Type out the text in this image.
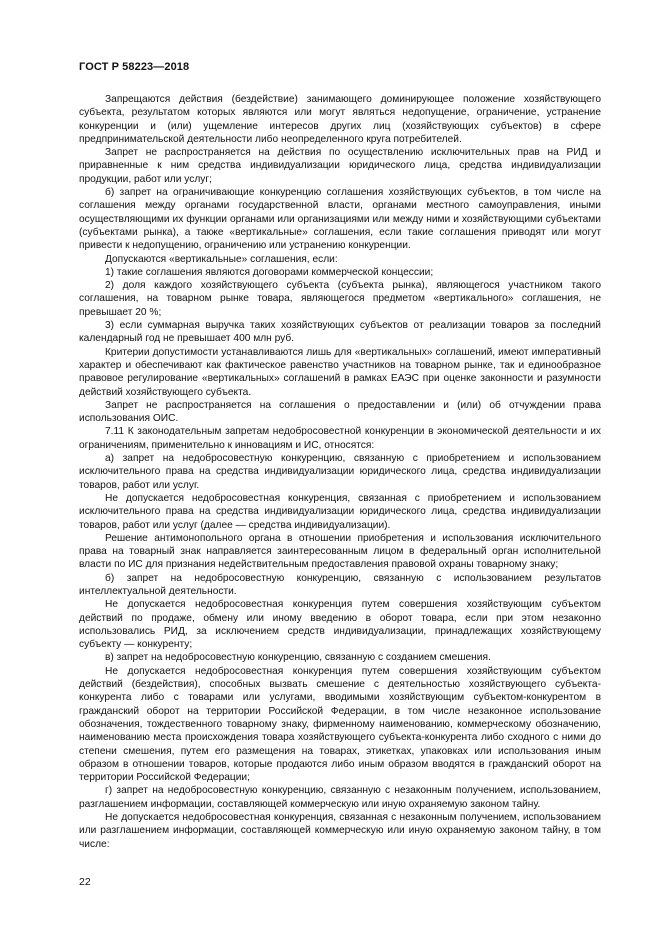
ГОСТ Р 58223—2018

Запрещаются действия (бездействие) занимающего доминирующее положение хозяйствующего субъекта, результатом которых являются или могут являться недопущение, ограничение, устранение конкуренции и (или) ущемление интересов других лиц (хозяйствующих субъектов) в сфере предпринимательской деятельности либо неопределенного круга потребителей.

Запрет не распространяется на действия по осуществлению исключительных прав на РИД и приравненные к ним средства индивидуализации юридического лица, средства индивидуализации продукции, работ или услуг;

б) запрет на ограничивающие конкуренцию соглашения хозяйствующих субъектов, в том числе на соглашения между органами государственной власти, органами местного самоуправления, иными осуществляющими их функции органами или организациями или между ними и хозяйствующими субъектами (субъектами рынка), а также «вертикальные» соглашения, если такие соглашения приводят или могут привести к недопущению, ограничению или устранению конкуренции.

Допускаются «вертикальные» соглашения, если:

1) такие соглашения являются договорами коммерческой концессии;

2) доля каждого хозяйствующего субъекта (субъекта рынка), являющегося участником такого соглашения, на товарном рынке товара, являющегося предметом «вертикального» соглашения, не превышает 20 %;

3) если суммарная выручка таких хозяйствующих субъектов от реализации товаров за последний календарный год не превышает 400 млн руб.

Критерии допустимости устанавливаются лишь для «вертикальных» соглашений, имеют императивный характер и обеспечивают как фактическое равенство участников на товарном рынке, так и единообразное правовое регулирование «вертикальных» соглашений в рамках ЕАЭС при оценке законности и разумности действий хозяйствующего субъекта.

Запрет не распространяется на соглашения о предоставлении и (или) об отчуждении права использования ОИС.

7.11 К законодательным запретам недобросовестной конкуренции в экономической деятельности и их ограничениям, применительно к инновациям и ИС, относятся:

а) запрет на недобросовестную конкуренцию, связанную с приобретением и использованием исключительного права на средства индивидуализации юридического лица, средства индивидуализации товаров, работ или услуг.

Не допускается недобросовестная конкуренция, связанная с приобретением и использованием исключительного права на средства индивидуализации юридического лица, средства индивидуализации товаров, работ или услуг (далее — средства индивидуализации).

Решение антимонопольного органа в отношении приобретения и использования исключительного права на товарный знак направляется заинтересованным лицом в федеральный орган исполнительной власти по ИС для признания недействительным предоставления правовой охраны товарному знаку;

б) запрет на недобросовестную конкуренцию, связанную с использованием результатов интеллектуальной деятельности.

Не допускается недобросовестная конкуренция путем совершения хозяйствующим субъектом действий по продаже, обмену или иному введению в оборот товара, если при этом незаконно использовались РИД, за исключением средств индивидуализации, принадлежащих хозяйствующему субъекту — конкуренту;

в) запрет на недобросовестную конкуренцию, связанную с созданием смешения.

Не допускается недобросовестная конкуренция путем совершения хозяйствующим субъектом действий (бездействия), способных вызвать смешение с деятельностью хозяйствующего субъекта-конкурента либо с товарами или услугами, вводимыми хозяйствующим субъектом-конкурентом в гражданский оборот на территории Российской Федерации, в том числе незаконное использование обозначения, тождественного товарному знаку, фирменному наименованию, коммерческому обозначению, наименованию места происхождения товара хозяйствующего субъекта-конкурента либо сходного с ними до степени смешения, путем его размещения на товарах, этикетках, упаковках или использования иным образом в отношении товаров, которые продаются либо иным образом вводятся в гражданский оборот на территории Российской Федерации;

г) запрет на недобросовестную конкуренцию, связанную с незаконным получением, использованием, разглашением информации, составляющей коммерческую или иную охраняемую законом тайну.

Не допускается недобросовестная конкуренция, связанная с незаконным получением, использованием или разглашением информации, составляющей коммерческую или иную охраняемую законом тайну, в том числе:

22
